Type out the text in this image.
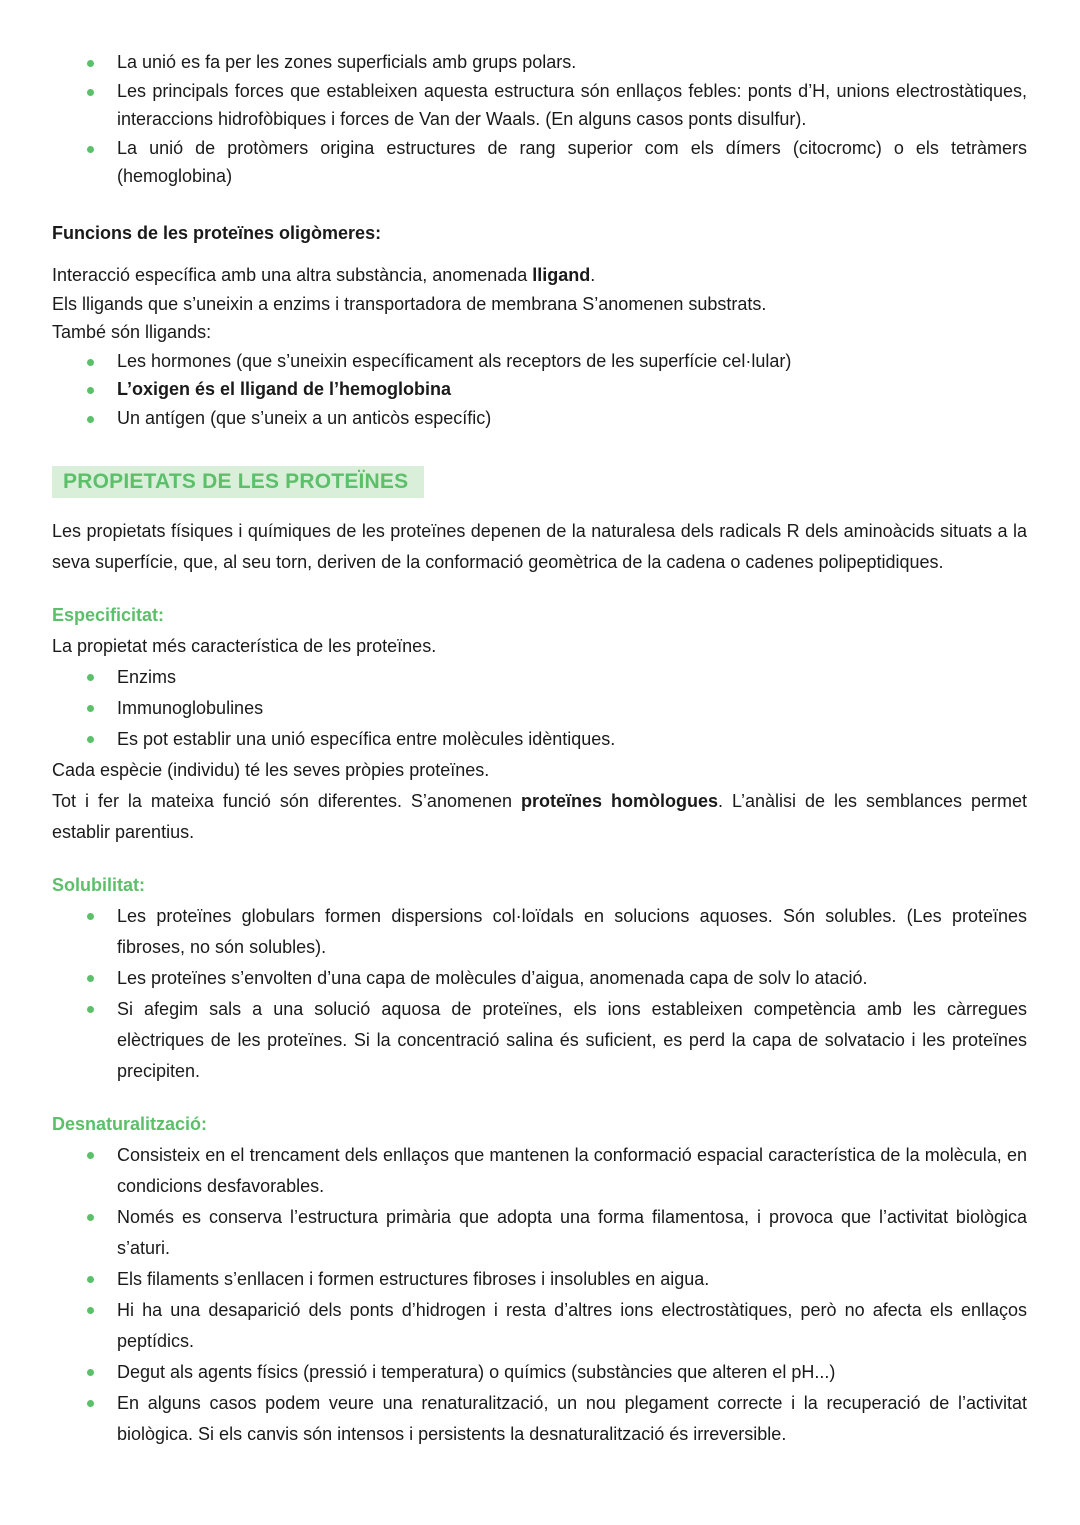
La unió es fa per les zones superficials amb grups polars.
Les principals forces que estableixen aquesta estructura són enllaços febles: ponts d’H, unions electrostàtiques, interaccions hidrofòbiques i forces de Van der Waals. (En alguns casos ponts disulfur).
La unió de protòmers origina estructures de rang superior com els dímers (citocromc) o els tetràmers (hemoglobina)

Funcions de les proteïnes oligòmeres:

Interacció específica amb una altra substància, anomenada lligand.

Els lligands que s’uneixin a enzims i transportadora de membrana S’anomenen substrats.

També són lligands:

Les hormones (que s’uneixin específicament als receptors de les superfície cel·lular)
L’oxigen és el lligand de l’hemoglobina
Un antígen (que s’uneix a un anticòs específic)
PROPIETATS DE LES PROTEÏNES

Les propietats físiques i químiques de les proteïnes depenen de la naturalesa dels radicals R dels aminoàcids situats a la seva superfície, que, al seu torn, deriven de la conformació geomètrica de la cadena o cadenes polipeptidiques.

Especificitat:

La propietat més característica de les proteïnes.

Enzims
Immunoglobulines
Es pot establir una unió específica entre molècules idèntiques.

Cada espècie (individu) té les seves pròpies proteïnes.

Tot i fer la mateixa funció són diferentes. S’anomenen proteïnes homòlogues. L’anàlisi de les semblances permet establir parentius.

Solubilitat:

Les proteïnes globulars formen dispersions col·loïdals en solucions aquoses. Són solubles. (Les proteïnes fibroses, no són solubles).
Les proteïnes s’envolten d’una capa de molècules d’aigua, anomenada capa de solv lo atació.
Si afegim sals a una solució aquosa de proteïnes, els ions estableixen competència amb les càrregues elèctriques de les proteïnes. Si la concentració salina és suficient, es perd la capa de solvatacio i les proteïnes precipiten.

Desnaturalització:

Consisteix en el trencament dels enllaços que mantenen la conformació espacial característica de la molècula, en condicions desfavorables.
Només es conserva l’estructura primària que adopta una forma filamentosa, i provoca que l’activitat biològica s’aturi.
Els filaments s’enllacen i formen estructures fibroses i insolubles en aigua.
Hi ha una desaparició dels ponts d’hidrogen i resta d’altres ions electrostàtiques, però no afecta els enllaços peptídics.
Degut als agents físics (pressió i temperatura) o químics (substàncies que alteren el pH...)
En alguns casos podem veure una renaturalització, un nou plegament correcte i la recuperació de l’activitat biològica. Si els canvis són intensos i persistents la desnaturalització és irreversible.
